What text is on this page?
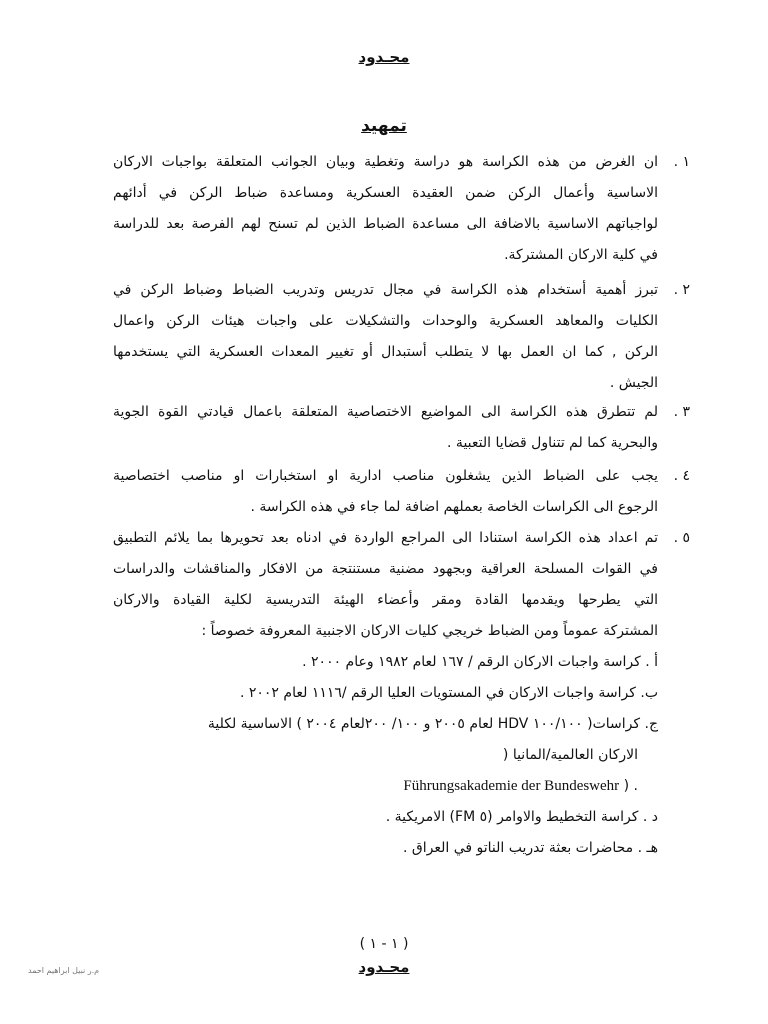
محـدود
تمهيد
١ .
ان الغرض من هذه الكراسة هو دراسة وتغطية وبيان الجوانب المتعلقة بواجبات الاركان
الاساسية وأعمال الركن ضمن العقيدة العسكرية ومساعدة ضباط الركن في أدائهم
لواجباتهم الاساسية بالاضافة الى مساعدة الضباط الذين لم تسنح لهم الفرصة بعد للدراسة
في كلية الاركان المشتركة.
٢ .
تبرز أهمية أستخدام هذه الكراسة في مجال تدريس وتدريب الضباط وضباط الركن في
الكليات والمعاهد العسكرية والوحدات والتشكيلات على واجبات هيئات الركن واعمال
الركن , كما ان العمل بها لا يتطلب أستبدال أو تغيير المعدات العسكرية التي يستخدمها
الجيش .
٣ .
لم تتطرق هذه الكراسة الى المواضيع الاختصاصية المتعلقة باعمال قيادتي القوة الجوية
والبحرية كما لم تتناول قضايا التعبية .
٤ .
يجب على الضباط الذين يشغلون مناصب ادارية او استخبارات او مناصب اختصاصية
الرجوع الى الكراسات الخاصة بعملهم اضافة لما جاء في هذه الكراسة .
٥ .
تم اعداد هذه الكراسة استنادا الى المراجع الواردة في ادناه بعد تحويرها بما يلائم التطبيق
في القوات المسلحة العراقية وبجهود مضنية مستنتجة من الافكار والمناقشات والدراسات
التي يطرحها ويقدمها القادة ومقر وأعضاء الهيئة التدريسية لكلية القيادة والاركان
المشتركة عموماً ومن الضباط خريجي كليات الاركان الاجنبية المعروفة خصوصاً :
أ . كراسة واجبات الاركان الرقم / ١٦٧ لعام ١٩٨٢ وعام ٢٠٠٠ .
ب. كراسة واجبات الاركان في المستويات العليا الرقم /١١١٦ لعام ٢٠٠٢ .
ج. كراسات( ١٠٠/١٠٠ HDV لعام ٢٠٠٥ و ١٠٠/ ٢٠٠لعام ٢٠٠٤ ) الاساسية لكلية
الاركان العالمية/المانيا (
Führungsakademie der Bundeswehr ) .
د . كراسة التخطيط والاوامر (٥ FM) الامريكية .
هـ . محاضرات بعثة تدريب الناتو في العراق .
( ١ - ١ )
محـدود
م.ر نبيل ابراهيم احمد
